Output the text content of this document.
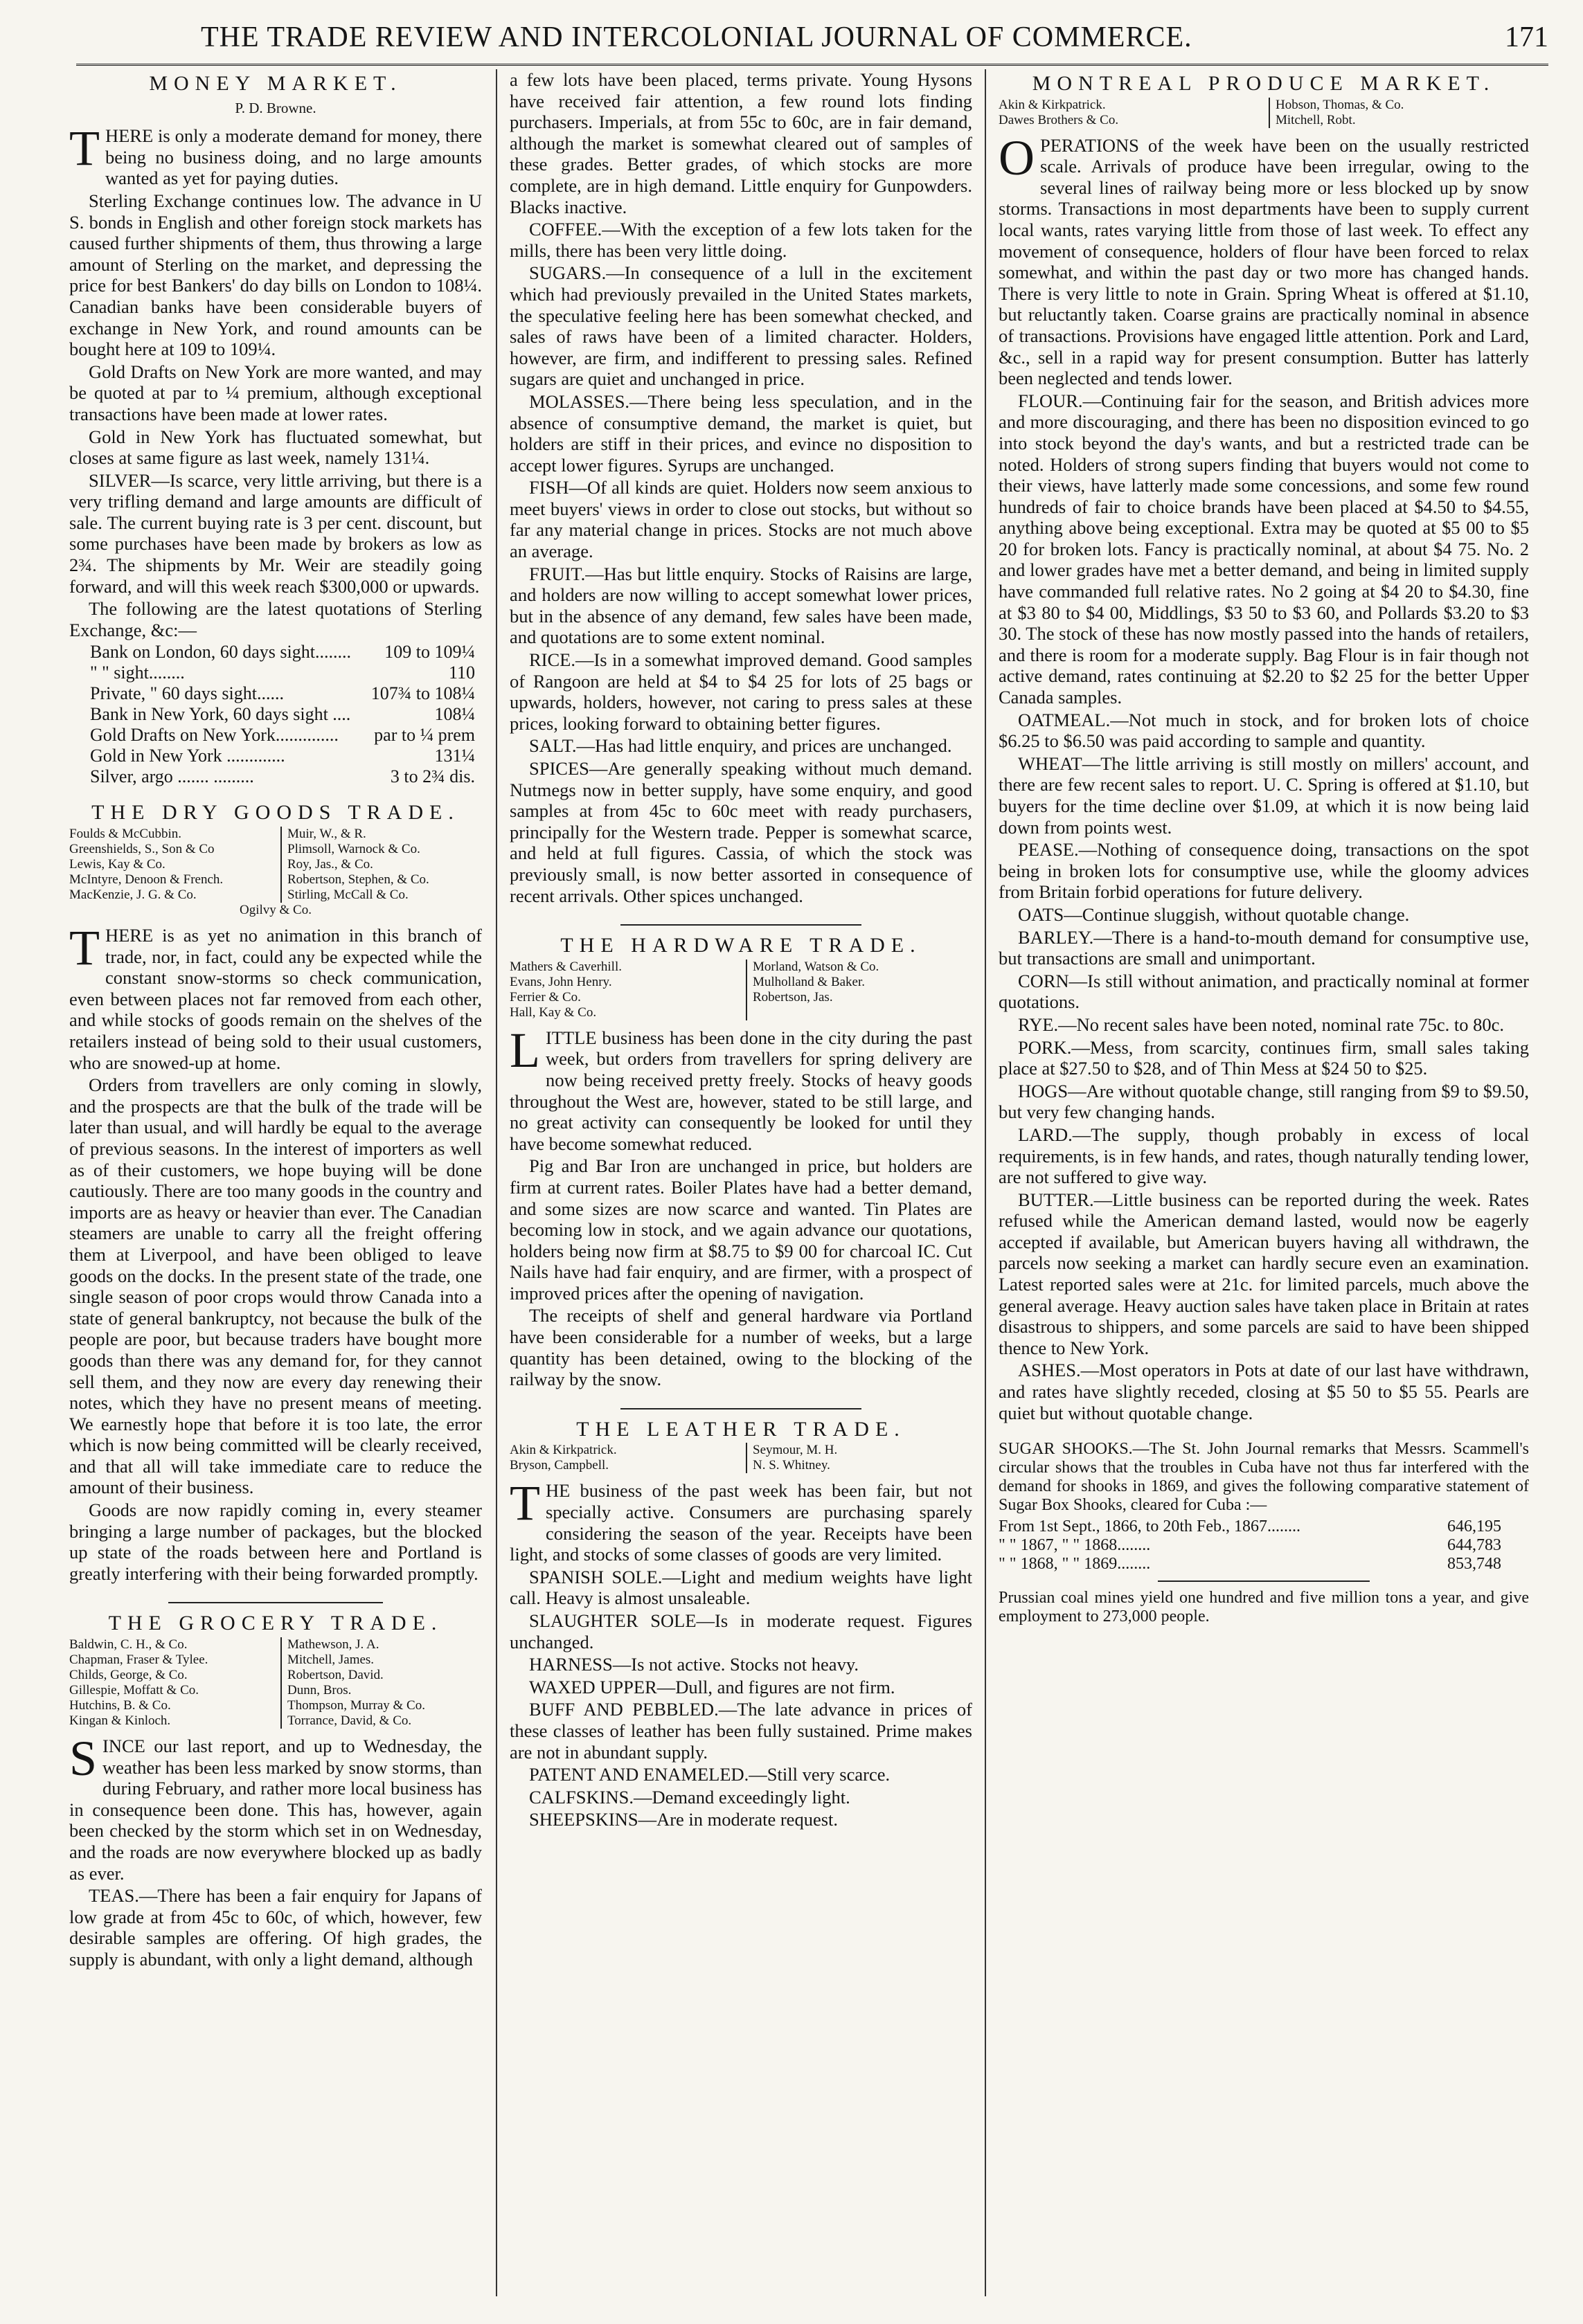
THE TRADE REVIEW AND INTERCOLONIAL JOURNAL OF COMMERCE.	171
MONEY MARKET.
P. D. Browne.

THERE is only a moderate demand for money, there being no business doing, and no large amounts wanted as yet for paying duties.

Sterling Exchange continues low. The advance in U S. bonds in English and other foreign stock markets has caused further shipments of them, thus throwing a large amount of Sterling on the market, and depressing the price for best Bankers' do day bills on London to 108¼. Canadian banks have been considerable buyers of exchange in New York, and round amounts can be bought here at 109 to 109¼.

Gold Drafts on New York are more wanted, and may be quoted at par to ¼ premium, although exceptional transactions have been made at lower rates.

Gold in New York has fluctuated somewhat, but closes at same figure as last week, namely 131¼.

SILVER—Is scarce, very little arriving, but there is a very trifling demand and large amounts are difficult of sale. The current buying rate is 3 per cent. discount, but some purchases have been made by brokers as low as 2¾. The shipments by Mr. Weir are steadily going forward, and will this week reach $300,000 or upwards.

The following are the latest quotations of Sterling Exchange, &c:—

Bank on London, 60 days sight........ 109 to 109¼
" " sight........	110
Private, " 60 days sight......	107¾ to 108¼
Bank in New York, 60 days sight ....	108¼
Gold Drafts on New York.............. par to ¼ prem
Gold in New York .............	131¼
Silver, argo ....... .........	3 to 2¾ dis.
THE DRY GOODS TRADE.
Foulds & McCubbin.	Muir, W., & R.
Greenshields, S., Son & Co	Plimsoll, Warnock & Co.
Lewis, Kay & Co.	Roy, Jas., & Co.
McIntyre, Denoon & French.	Robertson, Stephen, & Co.
MacKenzie, J. G. & Co.	Stirling, McCall & Co.
Ogilvy & Co.

THERE is as yet no animation in this branch of trade, nor, in fact, could any be expected while the constant snow-storms so check communication, even between places not far removed from each other, and while stocks of goods remain on the shelves of the retailers instead of being sold to their usual customers, who are snowed-up at home.

Orders from travellers are only coming in slowly, and the prospects are that the bulk of the trade will be later than usual, and will hardly be equal to the average of previous seasons. In the interest of importers as well as of their customers, we hope buying will be done cautiously. There are too many goods in the country and imports are as heavy or heavier than ever. The Canadian steamers are unable to carry all the freight offering them at Liverpool, and have been obliged to leave goods on the docks. In the present state of the trade, one single season of poor crops would throw Canada into a state of general bankruptcy, not because the bulk of the people are poor, but because traders have bought more goods than there was any demand for, for they cannot sell them, and they now are every day renewing their notes, which they have no present means of meeting. We earnestly hope that before it is too late, the error which is now being committed will be clearly received, and that all will take immediate care to reduce the amount of their business.

Goods are now rapidly coming in, every steamer bringing a large number of packages, but the blocked up state of the roads between here and Portland is greatly interfering with their being forwarded promptly.

THE GROCERY TRADE.
Baldwin, C. H., & Co.	Mathewson, J. A.
Chapman, Fraser & Tylee.	Mitchell, James.
Childs, George, & Co.	Robertson, David.
Gillespie, Moffatt & Co.	Dunn, Bros.
Hutchins, B. & Co.	Thompson, Murray & Co.
Kingan & Kinloch.	Torrance, David, & Co.

SINCE our last report, and up to Wednesday, the weather has been less marked by snow storms, than during February, and rather more local business has in consequence been done. This has, however, again been checked by the storm which set in on Wednesday, and the roads are now everywhere blocked up as badly as ever.

TEAS.—There has been a fair enquiry for Japans of low grade at from 45c to 60c, of which, however, few desirable samples are offering. Of high grades, the supply is abundant, with only a light demand, although

a few lots have been placed, terms private. Young Hysons have received fair attention, a few round lots finding purchasers. Imperials, at from 55c to 60c, are in fair demand, although the market is somewhat cleared out of samples of these grades. Better grades, of which stocks are more complete, are in high demand. Little enquiry for Gunpowders. Blacks inactive.

COFFEE.—With the exception of a few lots taken for the mills, there has been very little doing.

SUGARS.—In consequence of a lull in the excitement which had previously prevailed in the United States markets, the speculative feeling here has been somewhat checked, and sales of raws have been of a limited character. Holders, however, are firm, and indifferent to pressing sales. Refined sugars are quiet and unchanged in price.

MOLASSES.—There being less speculation, and in the absence of consumptive demand, the market is quiet, but holders are stiff in their prices, and evince no disposition to accept lower figures. Syrups are unchanged.

FISH—Of all kinds are quiet. Holders now seem anxious to meet buyers' views in order to close out stocks, but without so far any material change in prices. Stocks are not much above an average.

FRUIT.—Has but little enquiry. Stocks of Raisins are large, and holders are now willing to accept somewhat lower prices, but in the absence of any demand, few sales have been made, and quotations are to some extent nominal.

RICE.—Is in a somewhat improved demand. Good samples of Rangoon are held at $4 to $4 25 for lots of 25 bags or upwards, holders, however, not caring to press sales at these prices, looking forward to obtaining better figures.

SALT.—Has had little enquiry, and prices are unchanged.

SPICES—Are generally speaking without much demand. Nutmegs now in better supply, have some enquiry, and good samples at from 45c to 60c meet with ready purchasers, principally for the Western trade. Pepper is somewhat scarce, and held at full figures. Cassia, of which the stock was previously small, is now better assorted in consequence of recent arrivals. Other spices unchanged.

THE HARDWARE TRADE.
Mathers & Caverhill.	Morland, Watson & Co.
Evans, John Henry.	Mulholland & Baker.
Ferrier & Co.	Robertson, Jas.
Hall, Kay & Co.

LITTLE business has been done in the city during the past week, but orders from travellers for spring delivery are now being received pretty freely. Stocks of heavy goods throughout the West are, however, stated to be still large, and no great activity can consequently be looked for until they have become somewhat reduced.

Pig and Bar Iron are unchanged in price, but holders are firm at current rates. Boiler Plates have had a better demand, and some sizes are now scarce and wanted. Tin Plates are becoming low in stock, and we again advance our quotations, holders being now firm at $8.75 to $9 00 for charcoal IC. Cut Nails have had fair enquiry, and are firmer, with a prospect of improved prices after the opening of navigation.

The receipts of shelf and general hardware via Portland have been considerable for a number of weeks, but a large quantity has been detained, owing to the blocking of the railway by the snow.

THE LEATHER TRADE.
Akin & Kirkpatrick.	Seymour, M. H.
Bryson, Campbell.	N. S. Whitney.

THE business of the past week has been fair, but not specially active. Consumers are purchasing sparely considering the season of the year. Receipts have been light, and stocks of some classes of goods are very limited.

SPANISH SOLE.—Light and medium weights have light call. Heavy is almost unsaleable.

SLAUGHTER SOLE—Is in moderate request. Figures unchanged.

HARNESS—Is not active. Stocks not heavy.

WAXED UPPER—Dull, and figures are not firm.

BUFF AND PEBBLED.—The late advance in prices of these classes of leather has been fully sustained. Prime makes are not in abundant supply.

PATENT AND ENAMELED.—Still very scarce.

CALFSKINS.—Demand exceedingly light.

SHEEPSKINS—Are in moderate request.

MONTREAL PRODUCE MARKET.
Akin & Kirkpatrick.	Hobson, Thomas, & Co.
Dawes Brothers & Co.	Mitchell, Robt.

OPERATIONS of the week have been on the usually restricted scale. Arrivals of produce have been irregular, owing to the several lines of railway being more or less blocked up by snow storms. Transactions in most departments have been to supply current local wants, rates varying little from those of last week. To effect any movement of consequence, holders of flour have been forced to relax somewhat, and within the past day or two more has changed hands. There is very little to note in Grain. Spring Wheat is offered at $1.10, but reluctantly taken. Coarse grains are practically nominal in absence of transactions. Provisions have engaged little attention. Pork and Lard, &c., sell in a rapid way for present consumption. Butter has latterly been neglected and tends lower.

FLOUR.—Continuing fair for the season, and British advices more and more discouraging, and there has been no disposition evinced to go into stock beyond the day's wants, and but a restricted trade can be noted. Holders of strong supers finding that buyers would not come to their views, have latterly made some concessions, and some few round hundreds of fair to choice brands have been placed at $4.50 to $4.55, anything above being exceptional. Extra may be quoted at $5 00 to $5 20 for broken lots. Fancy is practically nominal, at about $4 75. No. 2 and lower grades have met a better demand, and being in limited supply have commanded full relative rates. No 2 going at $4 20 to $4.30, fine at $3 80 to $4 00, Middlings, $3 50 to $3 60, and Pollards $3.20 to $3 30. The stock of these has now mostly passed into the hands of retailers, and there is room for a moderate supply. Bag Flour is in fair though not active demand, rates continuing at $2.20 to $2 25 for the better Upper Canada samples.

OATMEAL.—Not much in stock, and for broken lots of choice $6.25 to $6.50 was paid according to sample and quantity.

WHEAT—The little arriving is still mostly on millers' account, and there are few recent sales to report. U. C. Spring is offered at $1.10, but buyers for the time decline over $1.09, at which it is now being laid down from points west.

PEASE.—Nothing of consequence doing, transactions on the spot being in broken lots for consumptive use, while the gloomy advices from Britain forbid operations for future delivery.

OATS—Continue sluggish, without quotable change.

BARLEY.—There is a hand-to-mouth demand for consumptive use, but transactions are small and unimportant.

CORN—Is still without animation, and practically nominal at former quotations.

RYE.—No recent sales have been noted, nominal rate 75c. to 80c.

PORK.—Mess, from scarcity, continues firm, small sales taking place at $27.50 to $28, and of Thin Mess at $24 50 to $25.

HOGS—Are without quotable change, still ranging from $9 to $9.50, but very few changing hands.

LARD.—The supply, though probably in excess of local requirements, is in few hands, and rates, though naturally tending lower, are not suffered to give way.

BUTTER.—Little business can be reported during the week. Rates refused while the American demand lasted, would now be eagerly accepted if available, but American buyers having all withdrawn, the parcels now seeking a market can hardly secure even an examination. Latest reported sales were at 21c. for limited parcels, much above the general average. Heavy auction sales have taken place in Britain at rates disastrous to shippers, and some parcels are said to have been shipped thence to New York.

ASHES.—Most operators in Pots at date of our last have withdrawn, and rates have slightly receded, closing at $5 50 to $5 55. Pearls are quiet but without quotable change.

SUGAR SHOOKS.—The St. John Journal remarks that Messrs. Scammell's circular shows that the troubles in Cuba have not thus far interfered with the demand for shooks in 1869, and gives the following comparative statement of Sugar Box Shooks, cleared for Cuba :—

From 1st Sept., 1866, to 20th Feb., 1867........	646,195
" " 1867, " " 1868........	644,783
" " 1868, " " 1869........	853,748

Prussian coal mines yield one hundred and five million tons a year, and give employment to 273,000 people.
